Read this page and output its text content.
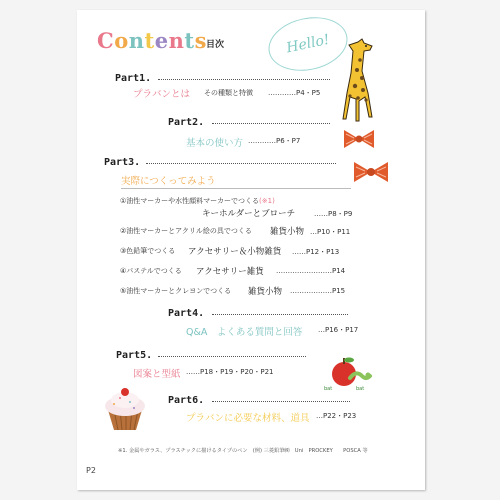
Contents 目次	Hello!
bat	bat
Part1.
プラバンとは その種類と特徴 …………P4・P5
Part2.
基本の使い方 …………P6・P7
Part3.
実際につくってみよう
①油性マーカーや水性顔料マーカーでつくる(※1)
キーホルダーとブローチ	……P8・P9
②油性マーカーとアクリル絵の具でつくる 雑貨小物 …P10・P11
③色鉛筆でつくる アクセサリー＆小物雑貨 ……P12・P13
④パステルでつくる アクセサリー雑貨 ……………………P14
⑤油性マーカーとクレヨンでつくる 雑貨小物 ………………P15
Part4.
Q&A　よくある質問と回答 …P16・P17
Part5.
図案と型紙 ……P18・P19・P20・P21
Part6.
プラバンに必要な材料、道具 …P22・P23
※1. 金属やガラス、プラスチックに描けるタイプのペン　(例) 三菱鉛筆㈱　Uni　PROCKEY　　POSCA 等
P2
